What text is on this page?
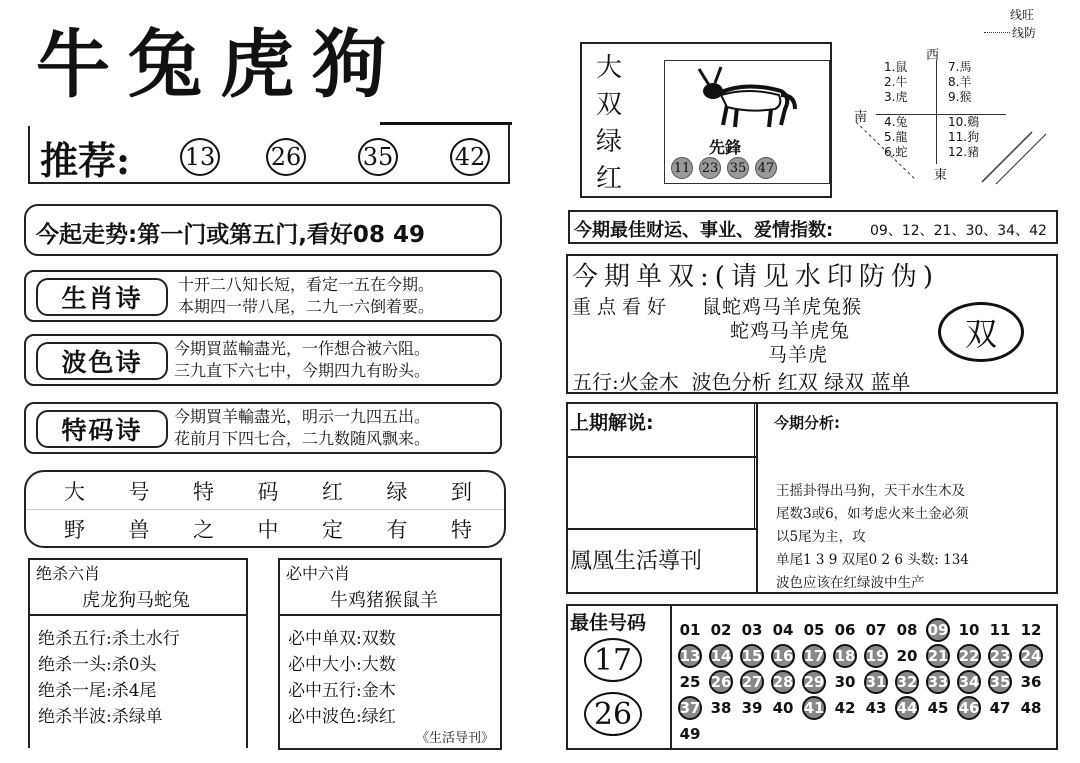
牛兔虎狗
推荐: 13 26	35	42
今起走势:第一门或第五门,看好08 49
生肖诗	十开二八知长短，看定一五在今期。
本期四一带八尾，二九一六倒着要。
波色诗	今期買蓝輸盡光，一作想合被六阻。
三九直下六七中，今期四九有盼头。
特码诗	今期買羊輸盡光，明示一九四五出。
花前月下四七合，二九数随风飘来。
大 号 特 码 红 绿 到
野 兽 之 中 定 有 特
绝杀六肖
虎龙狗马蛇兔
绝杀五行:杀土水行
绝杀一头:杀0头
绝杀一尾:杀4尾
绝杀半波:杀绿单
必中六肖
牛鸡猪猴鼠羊
必中单双:双数
必中大小:大数
必中五行:金木
必中波色:绿红
《生活导刊》
大
双
绿
红
先鋒
11 23 35 47
线旺
线防
西
南
東
1.鼠
2.牛
3.虎
4.兔
5.龍
6.蛇
7.馬
8.羊
9.猴
10.鷄
11.狗
12.豬
今期最佳财运、事业、爱情指数:	09、12、21、30、34、42
今期单双:(请见水印防伪)
重点看好 鼠蛇鸡马羊虎兔猴
蛇鸡马羊虎兔
马羊虎
双
五行:火金木  波色分析 红双 绿双 蓝单
上期解说:
鳳凰生活導刊
今期分析:
王摇卦得出马狗，天干水生木及
尾数3或6，如考虑火来土金必须
以5尾为主，攻
单尾1 3 9 双尾0 2 6 头数: 134
波色应该在红绿波中生产
最佳号码
17
26
01 02 03 04 05 06 07 08 09 10 11 12
13 14 15 16 17 18 19 20 21 22 23 24
25 26 27 28 29 30 31 32 33 34 35 36
37 38 39 40 41 42 43 44 45 46 47 48
49
